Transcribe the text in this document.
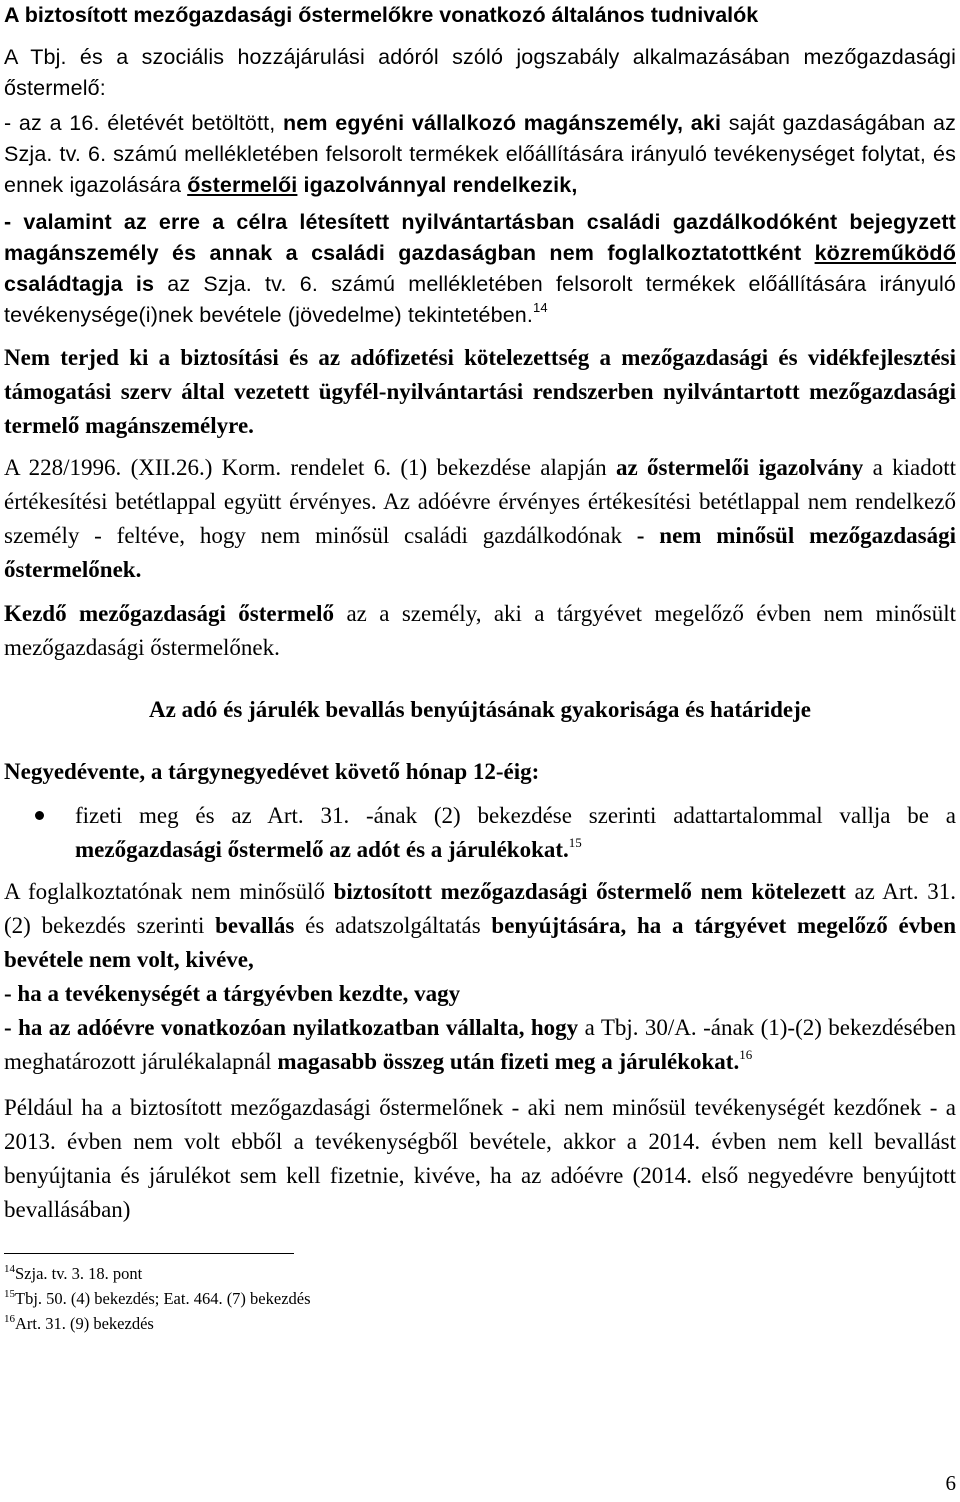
A biztosított mezőgazdasági őstermelőkre vonatkozó általános tudnivalók

A Tbj. és a szociális hozzájárulási adóról szóló jogszabály alkalmazásában mezőgazdasági őstermelő:

- az a 16. életévét betöltött, nem egyéni vállalkozó magánszemély, aki saját gazdaságában az Szja. tv. 6. számú mellékletében felsorolt termékek előállítására irányuló tevékenységet folytat, és ennek igazolására őstermelői igazolvánnyal rendelkezik,

- valamint az erre a célra létesített nyilvántartásban családi gazdálkodóként bejegyzett magánszemély és annak a családi gazdaságban nem foglalkoztatottként közreműködő családtagja is az Szja. tv. 6. számú mellékletében felsorolt termékek előállítására irányuló tevékenysége(i)nek bevétele (jövedelme) tekintetében.$^{14}$

Nem terjed ki a biztosítási és az adófizetési kötelezettség a mezőgazdasági és vidékfejlesztési támogatási szerv által vezetett ügyfél-nyilvántartási rendszerben nyilvántartott mezőgazdasági termelő magánszemélyre.

A 228/1996. (XII.26.) Korm. rendelet 6. (1) bekezdése alapján az őstermelői igazolvány a kiadott értékesítési betétlappal együtt érvényes. Az adóévre érvényes értékesítési betétlappal nem rendelkező személy - feltéve, hogy nem minősül családi gazdálkodónak - nem minősül mezőgazdasági őstermelőnek.

Kezdő mezőgazdasági őstermelő az a személy, aki a tárgyévet megelőző évben nem minősült mezőgazdasági őstermelőnek.

Az adó és járulék bevallás benyújtásának gyakorisága és határideje

Negyedévente, a tárgynegyedévet követő hónap 12-éig:

fizeti meg és az Art. 31. -ának (2) bekezdése szerinti adattartalommal vallja be a mezőgazdasági őstermelő az adót és a járulékokat.$^{15}$

A foglalkoztatónak nem minősülő biztosított mezőgazdasági őstermelő nem kötelezett az Art. 31. (2) bekezdés szerinti bevallás és adatszolgáltatás benyújtására, ha a tárgyévet megelőző évben bevétele nem volt, kivéve,
- ha a tevékenységét a tárgyévben kezdte, vagy
- ha az adóévre vonatkozóan nyilatkozatban vállalta, hogy a Tbj. 30/A. -ának (1)-(2) bekezdésében meghatározott járulékalapnál magasabb összeg után fizeti meg a járulékokat.$^{16}$

Például ha a biztosított mezőgazdasági őstermelőnek - aki nem minősül tevékenységét kezdőnek - a 2013. évben nem volt ebből a tevékenységből bevétele, akkor a 2014. évben nem kell bevallást benyújtania és járulékot sem kell fizetnie, kivéve, ha az adóévre (2014. első negyedévre benyújtott bevallásában)

$^{14}$Szja. tv. 3. 18. pont
$^{15}$Tbj. 50. (4) bekezdés; Eat. 464. (7) bekezdés
$^{16}$Art. 31. (9) bekezdés
6
